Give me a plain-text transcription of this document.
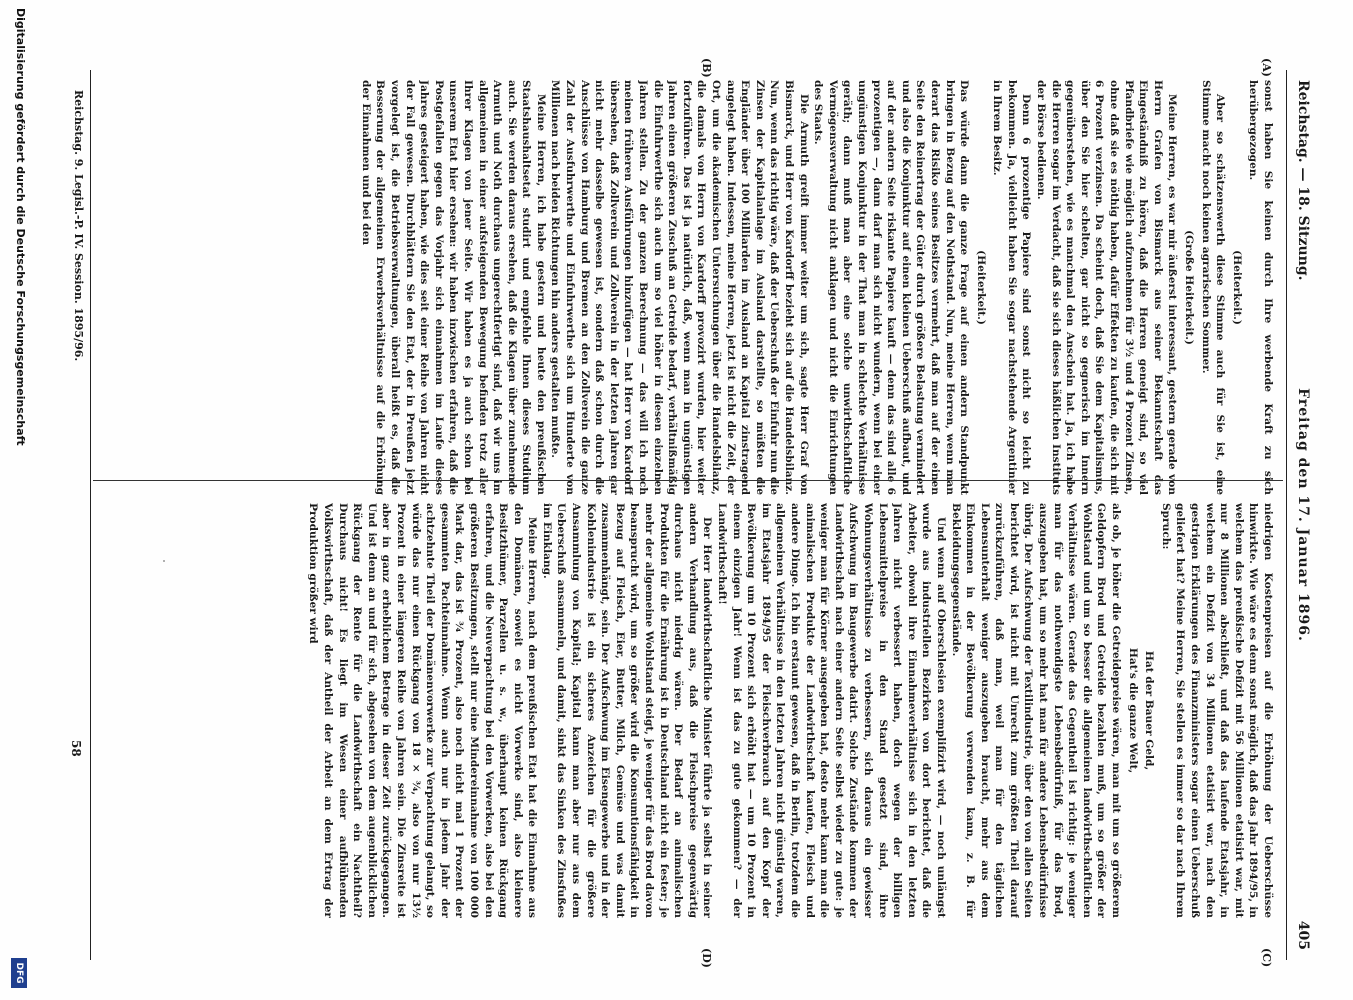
Reichstag. — 18. Sitzung.
Freitag den 17. Januar 1896.
405
(A)
(B)
(C)
(D)

sonst haben Sie keinen durch Ihre werbende Kraft zu sich herübergezogen.

(Heiterkeit.)

Aber so schätzenswerth diese Stimme auch für Sie ist, eine Stimme macht noch keinen agrarischen Sommer.

(Große Heiterkeit.)

Meine Herren, es war mir äußerst interessant, gestern gerade von Herrn Grafen von Bismarck aus seiner Bekanntschaft das Eingeständniß zu hören, daß die Herren geneigt sind, so viel Pfandbriefe wie möglich aufzunehmen für 3½ und 4 Prozent Zinsen, ohne daß sie es nöthig haben, dafür Effekten zu kaufen, die sich mit 6 Prozent verzinsen. Da scheint doch, daß Sie dem Kapitalismus, über den Sie hier schelten, gar nicht so gegnerisch im Innern gegenüberstehen, wie es manchmal den Anschein hat. Ja, ich habe die Herren sogar im Verdacht, daß sie sich dieses häßlichen Instituts der Börse bedienen.

Denn 6 prozentige Papiere sind sonst nicht so leicht zu bekommen. Ja, vielleicht haben Sie sogar nachstehende Argentinier in Ihrem Besitz.

(Heiterkeit.)

Das würde dann die ganze Frage auf einen andern Standpunkt bringen in Bezug auf den Nothstand. Nun, meine Herren, wenn man derart das Risiko seines Besitzes vermehrt, daß man auf der einen Seite den Reinertrag der Güter durch größere Belastung vermindert und also die Konjunktur auf einen kleinen Ueberschuß aufbaut, und auf der andern Seite riskante Papiere kauft — denn das sind alle 6 prozentigen —, dann darf man sich nicht wundern, wenn bei einer ungünstigen Konjunktur in der That man in schlechte Verhältnisse geräth; dann muß man aber eine solche unwirthschaftliche Vermögensverwaltung nicht anklagen und nicht die Einrichtungen des Staats.

Die Armuth greift immer weiter um sich, sagte Herr Graf von Bismarck, und Herr von Kardorff bezieht sich auf die Handelsbilanz. Nun, wenn das richtig wäre, daß der Ueberschuß der Einfuhr nun die Zinsen der Kapitalanlage im Ausland darstellte, so müßten die Engländer über 100 Milliarden im Ausland an Kapital zinstragend angelegt haben. Indessen, meine Herren, jetzt ist nicht die Zeit, der Ort, um die akademischen Untersuchungen über die Handelsbilanz, die damals von Herrn von Kardorff provozirt wurden, hier weiter fortzuführen. Das ist ja natürlich, daß, wenn man in ungünstigen Jahren einen größeren Zuschuß an Getreide bedarf, verhältnißmäßig die Einfuhrwerthe sich auch um so viel höher in diesen einzelnen Jahren stellen. Zu der ganzen Berechnung — das will ich noch meinen früheren Ausführungen hinzufügen — hat Herr von Kardorff übersehen, daß Zollverein und Zollverein in der letzten Jahren gar nicht mehr dasselbe gewesen ist, sondern daß schon durch die Anschlüsse von Hamburg und Bremen an den Zollverein die ganze Zahl der Ausfuhrwerthe und Einfuhrwerthe sich um Hunderte von Millionen nach beiden Richtungen hin anders gestalten mußte.

Meine Herren, ich habe gestern und heute den preußischen Staatshaushaltsetat studirt und empfehle Ihnen dieses Studium auch. Sie werden daraus ersehen, daß die Klagen über zunehmende Armuth und Noth durchaus ungerechtfertigt sind, daß wir uns im allgemeinen in einer aufsteigenden Bewegung befinden trotz aller Ihrer Klagen von jener Seite. Wir haben es ja auch schon bei unserem Etat hier ersehen: wir haben inzwischen erfahren, daß die Postgefallen gegen das Vorjahr sich einnahmen im Laufe dieses Jahres gesteigert haben, wie dies seit einer Reihe von Jahren nicht der Fall gewesen. Durchblättern Sie den Etat, der in Preußen jetzt vorgelegt ist, die Betriebsverwaltungen, überall heißt es, daß die Besserung der allgemeinen Erwerbsverhältnisse auf die Erhöhung der Einnahmen und bei den

niedrigen Kostenpreisen auf die Erhöhung der Ueberschüsse hinwirkte. Wie wäre es denn sonst möglich, daß das Jahr 1894/95, in welchem das preußische Defizit mit 56 Millionen etatisirt war, mit nur 8 Millionen abschließt, und daß das laufende Etatsjahr, in welchem ein Defizit von 34 Millionen etatisirt war, nach den gestrigen Erklärungen des Finanzministers sogar einen Ueberschuß geliefert hat? Meine Herren, Sie stellen es immer so dar nach Ihrem Spruch:

Hat der Bauer Geld,

Hat's die ganze Welt,

als ob, je höher die Getreidepreise wären, man mit um so größerem Geldopfern Brod und Getreide bezahlen muß, um so größer der Wohlstand und um so besser die allgemeinen landwirthschaftlichen Verhältnisse wären. Gerade das Gegentheil ist richtig: je weniger man für das nothwendigste Lebensbedürfniß, für das Brod, auszugeben hat, um so mehr hat man für andere Lebensbedürfnisse übrig. Der Aufschwung der Textilindustrie, über den von allen Seiten berichtet wird, ist nicht mit Unrecht zum größten Theil darauf zurückzuführen, daß man, weil man für den täglichen Lebensunterhalt weniger auszugeben braucht, mehr aus dem Einkommen in der Bevölkerung verwenden kann, z. B. für Bekleidungsgegenstände.

Und wenn auf Oberschlesien exemplifizirt wird, — noch unlängst wurde aus industriellen Bezirken von dort berichtet, daß die Arbeiter, obwohl ihre Einnahmeverhältnisse sich in den letzten Jahren nicht verbessert haben, doch wegen der billigen Lebensmittelpreise in den Stand gesetzt sind, ihre Wohnungsverhältnisse zu verbessern, sich daraus ein gewisser Aufschwung im Baugewerbe datirt. Solche Zustände kommen der Landwirthschaft nach einer andern Seite selbst wieder zu gute: je weniger man für Körner ausgegeben hat, desto mehr kann man die animalischen Produkte der Landwirthschaft kaufen, Fleisch und andere Dinge. Ich bin erstaunt gewesen, daß in Berlin, trotzdem die allgemeinen Verhältnisse in den letzten Jahren nicht günstig waren, im Etatsjahr 1894/95 der Fleischverbrauch auf den Kopf der Bevölkerung um 10 Prozent sich erhöht hat — um 10 Prozent in einem einzigen Jahr! Wenn ist das zu gute gekommen? — der Landwirthschaft!

Der Herr landwirthschaftliche Minister führte ja selbst in seiner andern Verhandlung aus, daß die Fleischpreise gegenwärtig durchaus nicht niedrig wären. Der Bedarf an animalischen Produkten für die Ernährung ist in Deutschland nicht ein fester; je mehr der allgemeine Wohlstand steigt, je weniger für das Brod davon beansprucht wird, um so größer wird die Konsumtionsfähigkeit in Bezug auf Fleisch, Eier, Butter, Milch, Gemüse und was damit zusammenhängt, sein. Der Aufschwung im Eisengewerbe und in der Kohlenindustrie ist ein sicheres Anzeichen für die größere Ansammlung von Kapital; Kapital kann man aber nur aus dem Ueberschuß ansammeln, und damit, sinkt das Sinken des Zinsfußes im Einklang.

Meine Herren, nach dem preußischen Etat hat die Einnahme aus den Domänen, soweit es nicht Vorwerke sind, also kleinere Besitzthümer, Parzellen u. s. w., überhaupt keinen Rückgang erfahren, und die Neuverpachtung bei den Vorwerken, also bei den größeren Besitzungen, stellt nur eine Mindereinnahme von 100 000 Mark dar, das ist ¾ Prozent, also noch nicht mal 1 Prozent der gesammten Pachteinnahme. Wenn auch nur in jedem Jahr der achtzehnte Theil der Domänenvorwerke zur Verpachtung gelangt, so würde das nur einen Rückgang von 18 × ¾, also von nur 13½ Prozent in einer längeren Reihe von Jahren sein. Die Zinsreite ist aber in ganz erheblichem Betrage in dieser Zeit zurückgegangen. Und ist denn an und für sich, abgesehen von dem augenblicklichen Rückgang der Rente für die Landwirthschaft ein Nachtheil? Durchaus nicht! Es liegt im Wesen einer aufblühenden Volkswirthschaft, daß der Antheil der Arbeit an dem Ertrag der Produktion größer wird

Reichstag. 9. Legisl.-P. IV. Session. 1895/96.
58
Digitalisierung gefördert durch die Deutsche Forschungsgemeinschaft
DFG
